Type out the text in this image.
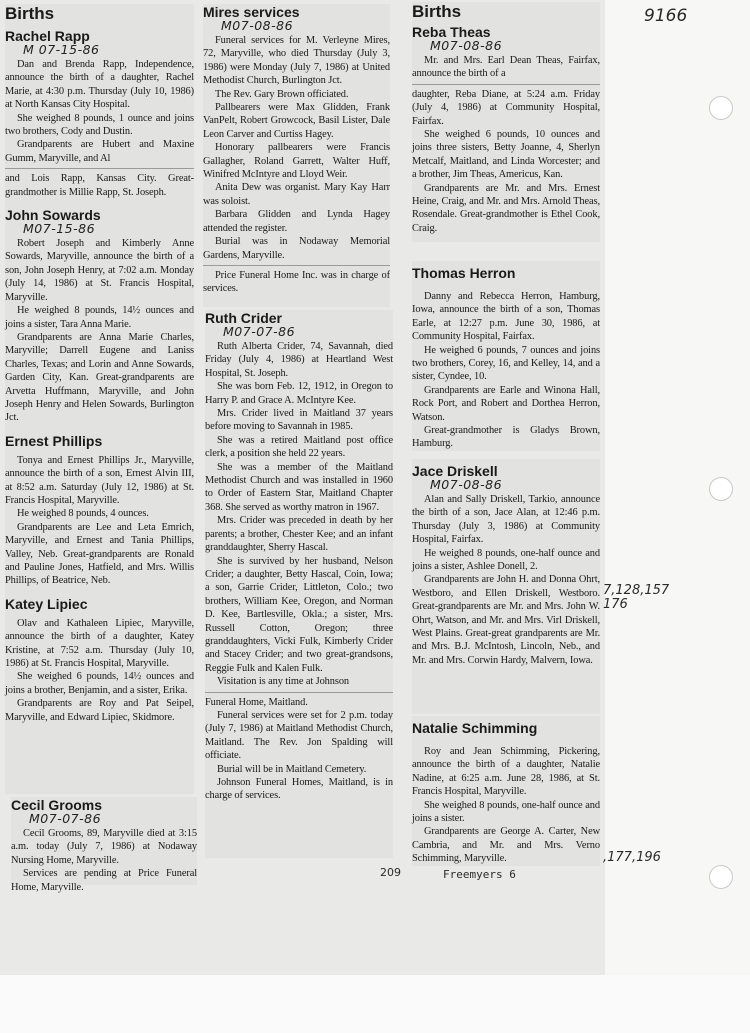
9166
7,128,157
176
,177,196
209	Freemyers 6
Births
Rachel Rapp
M 07-15-86

Dan and Brenda Rapp, Independence, announce the birth of a daughter, Rachel Marie, at 4:30 p.m. Thursday (July 10, 1986) at North Kansas City Hospital.

She weighed 8 pounds, 1 ounce and joins two brothers, Cody and Dustin.

Grandparents are Hubert and Maxine Gumm, Maryville, and Al

and Lois Rapp, Kansas City. Great-grandmother is Millie Rapp, St. Joseph.

John Sowards
M07-15-86

Robert Joseph and Kimberly Anne Sowards, Maryville, announce the birth of a son, John Joseph Henry, at 7:02 a.m. Monday (July 14, 1986) at St. Francis Hospital, Maryville.

He weighed 8 pounds, 14½ ounces and joins a sister, Tara Anna Marie.

Grandparents are Anna Marie Charles, Maryville; Darrell Eugene and Laniss Charles, Texas; and Lorin and Anne Sowards, Garden City, Kan. Great-grandparents are Arvetta Huffmann, Maryville, and John Joseph Henry and Helen Sowards, Burlington Jct.

Ernest Phillips

Tonya and Ernest Phillips Jr., Maryville, announce the birth of a son, Ernest Alvin III, at 8:52 a.m. Saturday (July 12, 1986) at St. Francis Hospital, Maryville.

He weighed 8 pounds, 4 ounces.

Grandparents are Lee and Leta Emrich, Maryville, and Ernest and Tania Phillips, Valley, Neb. Great-grandparents are Ronald and Pauline Jones, Hatfield, and Mrs. Willis Phillips, of Beatrice, Neb.

Katey Lipiec

Olav and Kathaleen Lipiec, Maryville, announce the birth of a daughter, Katey Kristine, at 7:52 a.m. Thursday (July 10, 1986) at St. Francis Hospital, Maryville.

She weighed 6 pounds, 14½ ounces and joins a brother, Benjamin, and a sister, Erika.

Grandparents are Roy and Pat Seipel, Maryville, and Edward Lipiec, Skidmore.

Cecil Grooms
M07-07-86

Cecil Grooms, 89, Maryville died at 3:15 a.m. today (July 7, 1986) at Nodaway Nursing Home, Maryville.

Services are pending at Price Funeral Home, Maryville.

Mires services
M07-08-86

Funeral services for M. Verleyne Mires, 72, Maryville, who died Thursday (July 3, 1986) were Monday (July 7, 1986) at United Methodist Church, Burlington Jct.

The Rev. Gary Brown officiated.

Pallbearers were Max Glidden, Frank VanPelt, Robert Growcock, Basil Lister, Dale Leon Carver and Curtiss Hagey.

Honorary pallbearers were Francis Gallagher, Roland Garrett, Walter Huff, Winifred McIntyre and Lloyd Weir.

Anita Dew was organist. Mary Kay Harr was soloist.

Barbara Glidden and Lynda Hagey attended the register.

Burial was in Nodaway Memorial Gardens, Maryville.

Price Funeral Home Inc. was in charge of services.

Ruth Crider
M07-07-86

Ruth Alberta Crider, 74, Savannah, died Friday (July 4, 1986) at Heartland West Hospital, St. Joseph.

She was born Feb. 12, 1912, in Oregon to Harry P. and Grace A. McIntyre Kee.

Mrs. Crider lived in Maitland 37 years before moving to Savannah in 1985.

She was a retired Maitland post office clerk, a position she held 22 years.

She was a member of the Maitland Methodist Church and was installed in 1960 to Order of Eastern Star, Maitland Chapter 368. She served as worthy matron in 1967.

Mrs. Crider was preceded in death by her parents; a brother, Chester Kee; and an infant granddaughter, Sherry Hascal.

She is survived by her husband, Nelson Crider; a daughter, Betty Hascal, Coin, Iowa; a son, Garrie Crider, Littleton, Colo.; two brothers, William Kee, Oregon, and Norman D. Kee, Bartlesville, Okla.; a sister, Mrs. Russell Cotton, Oregon; three granddaughters, Vicki Fulk, Kimberly Crider and Stacey Crider; and two great-grandsons, Reggie Fulk and Kalen Fulk.

Visitation is any time at Johnson

Funeral Home, Maitland.

Funeral services were set for 2 p.m. today (July 7, 1986) at Maitland Methodist Church, Maitland. The Rev. Jon Spalding will officiate.

Burial will be in Maitland Cemetery.

Johnson Funeral Homes, Maitland, is in charge of services.

Births
Reba Theas
M07-08-86

Mr. and Mrs. Earl Dean Theas, Fairfax, announce the birth of a

daughter, Reba Diane, at 5:24 a.m. Friday (July 4, 1986) at Community Hospital, Fairfax.

She weighed 6 pounds, 10 ounces and joins three sisters, Betty Joanne, 4, Sherlyn Metcalf, Maitland, and Linda Worcester; and a brother, Jim Theas, Americus, Kan.

Grandparents are Mr. and Mrs. Ernest Heine, Craig, and Mr. and Mrs. Arnold Theas, Rosendale. Great-grandmother is Ethel Cook, Craig.

Thomas Herron

Danny and Rebecca Herron, Hamburg, Iowa, announce the birth of a son, Thomas Earle, at 12:27 p.m. June 30, 1986, at Community Hospital, Fairfax.

He weighed 6 pounds, 7 ounces and joins two brothers, Corey, 16, and Kelley, 14, and a sister, Cyndee, 10.

Grandparents are Earle and Winona Hall, Rock Port, and Robert and Dorthea Herron, Watson.

Great-grandmother is Gladys Brown, Hamburg.

Jace Driskell
M07-08-86

Alan and Sally Driskell, Tarkio, announce the birth of a son, Jace Alan, at 12:46 p.m. Thursday (July 3, 1986) at Community Hospital, Fairfax.

He weighed 8 pounds, one-half ounce and joins a sister, Ashlee Donell, 2.

Grandparents are John H. and Donna Ohrt, Westboro, and Ellen Driskell, Westboro. Great-grandparents are Mr. and Mrs. John W. Ohrt, Watson, and Mr. and Mrs. Virl Driskell, West Plains. Great-great grandparents are Mr. and Mrs. B.J. McIntosh, Lincoln, Neb., and Mr. and Mrs. Corwin Hardy, Malvern, Iowa.

Natalie Schimming

Roy and Jean Schimming, Pickering, announce the birth of a daughter, Natalie Nadine, at 6:25 a.m. June 28, 1986, at St. Francis Hospital, Maryville.

She weighed 8 pounds, one-half ounce and joins a sister.

Grandparents are George A. Carter, New Cambria, and Mr. and Mrs. Verno Schimming, Maryville.
